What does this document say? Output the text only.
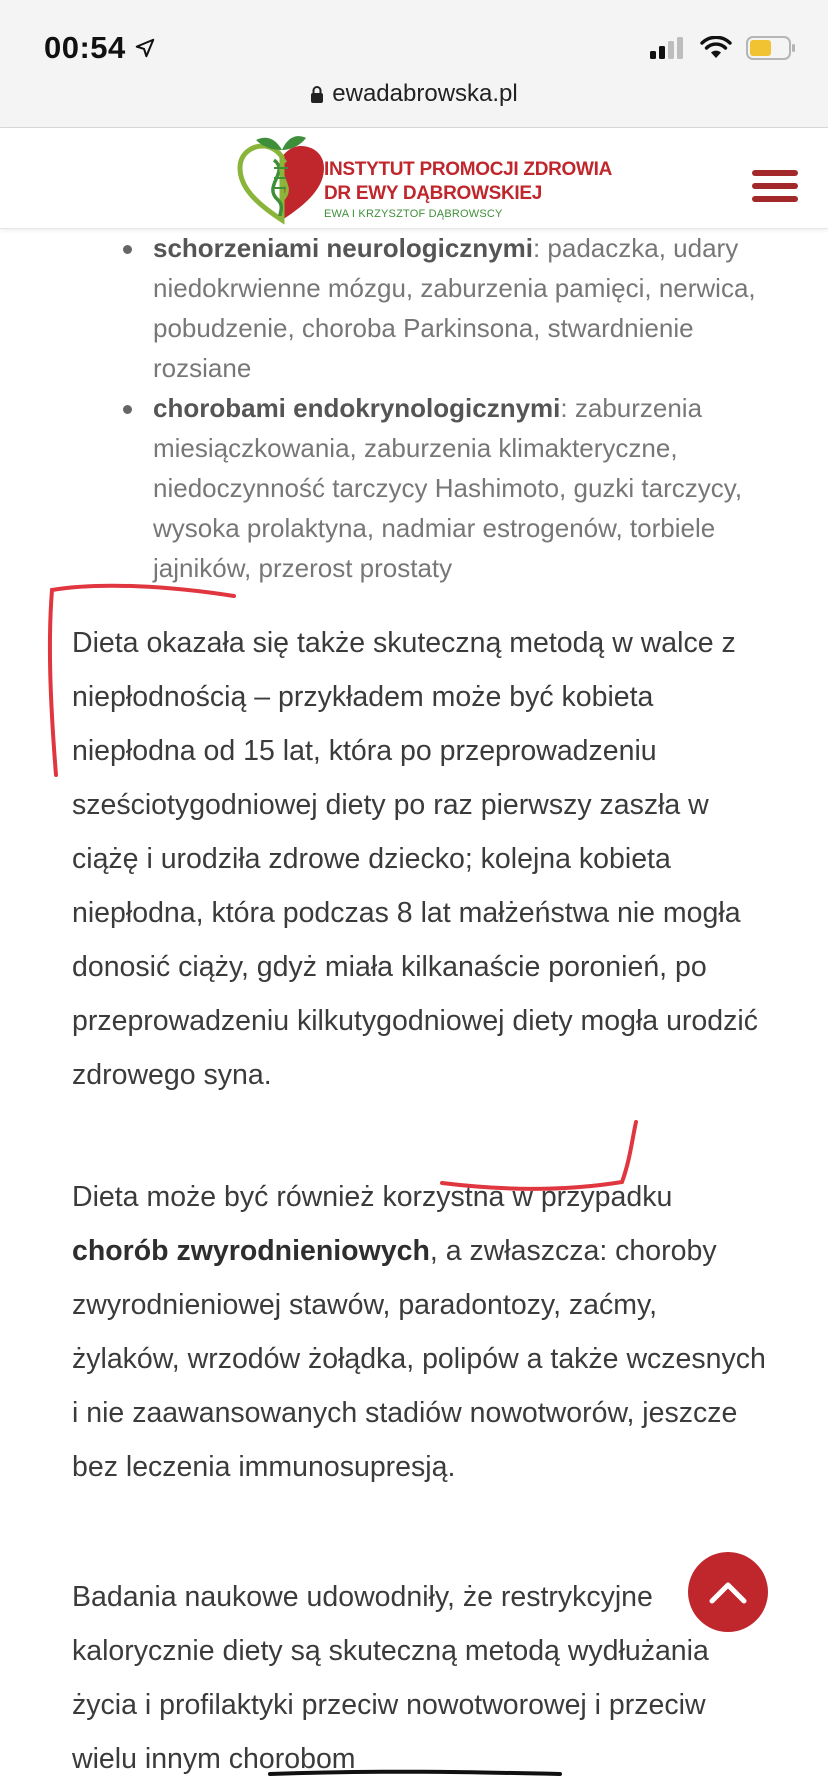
00:54
ewadabrowska.pl
INSTYTUT PROMOCJI ZDROWIA
DR EWY DĄBROWSKIEJ
EWA I KRZYSZTOF DĄBROWSCY
schorzeniami neurologicznymi: padaczka, udary niedokrwienne mózgu, zaburzenia pamięci, nerwica, pobudzenie, choroba Parkinsona, stwardnienie rozsiane
chorobami endokrynologicznymi: zaburzenia miesiączkowania, zaburzenia klimakteryczne, niedoczynność tarczycy Hashimoto, guzki tarczycy, wysoka prolaktyna, nadmiar estrogenów, torbiele jajników, przerost prostaty

Dieta okazała się także skuteczną metodą w walce z niepłodnością – przykładem może być kobieta niepłodna od 15 lat, która po przeprowadzeniu sześciotygodniowej diety po raz pierwszy zaszła w ciążę i urodziła zdrowe dziecko; kolejna kobieta niepłodna, która podczas 8 lat małżeństwa nie mogła donosić ciąży, gdyż miała kilkanaście poronień, po przeprowadzeniu kilkutygodniowej diety mogła urodzić zdrowego syna.

Dieta może być również korzystna w przypadku chorób zwyrodnieniowych, a zwłaszcza: choroby zwyrodnieniowej stawów, paradontozy, zaćmy, żylaków, wrzodów żołądka, polipów a także wczesnych i nie zaawansowanych stadiów nowotworów, jeszcze bez leczenia immunosupresją.

Badania naukowe udowodniły, że restrykcyjne kalorycznie diety są skuteczną metodą wydłużania życia i profilaktyki przeciw nowotworowej i przeciw wielu innym chorobom
